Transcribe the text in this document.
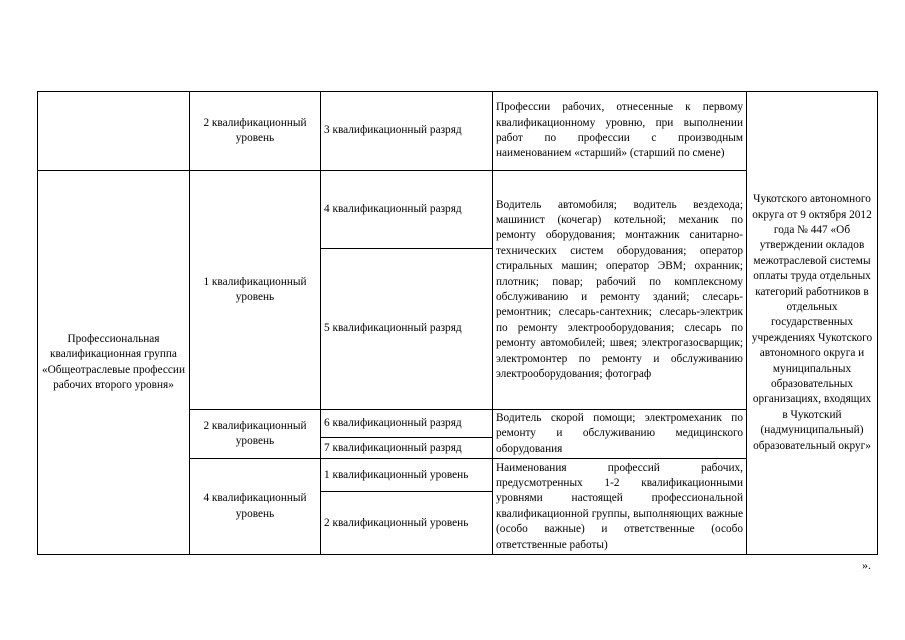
	2 квалификационный уровень	3 квалификационный разряд	Профессии рабочих, отнесенные к первому квалификационному уровню, при выполнении работ по профессии с производным наименованием «старший» (старший по смене)	Чукотского автономного округа от 9 октября 2012 года № 447 «Об утверждении окладов межотраслевой системы оплаты труда отдельных категорий работников в отдельных государственных учреждениях Чукотского автономного округа и муниципальных образовательных организациях, входящих в Чукотский (надмуниципальный) образовательный округ»
Профессиональная квалификационная группа «Общеотраслевые профессии рабочих второго уровня»	1 квалификационный уровень	4 квалификационный разряд	Водитель автомобиля; водитель вездехода; машинист (кочегар) котельной; механик по ремонту оборудования; монтажник санитарно-технических систем оборудования; оператор стиральных машин; оператор ЭВМ; охранник; плотник; повар; рабочий по комплексному обслуживанию и ремонту зданий; слесарь-ремонтник; слесарь-сантехник; слесарь-электрик по ремонту электрооборудования; слесарь по ремонту автомобилей; швея; электрогазосварщик; электромонтер по ремонту и обслуживанию электрооборудования; фотограф	
		5 квалификационный разряд		
	2 квалификационный уровень	6 квалификационный разряд	Водитель скорой помощи; электромеханик по ремонту и обслуживанию медицинского оборудования	
		7 квалификационный разряд		
	4 квалификационный уровень	1 квалификационный уровень	Наименования профессий рабочих, предусмотренных 1-2 квалификационными уровнями настоящей профессиональной квалификационной группы, выполняющих важные (особо важные) и ответственные (особо ответственные работы)	
		2 квалификационный уровень		
».
